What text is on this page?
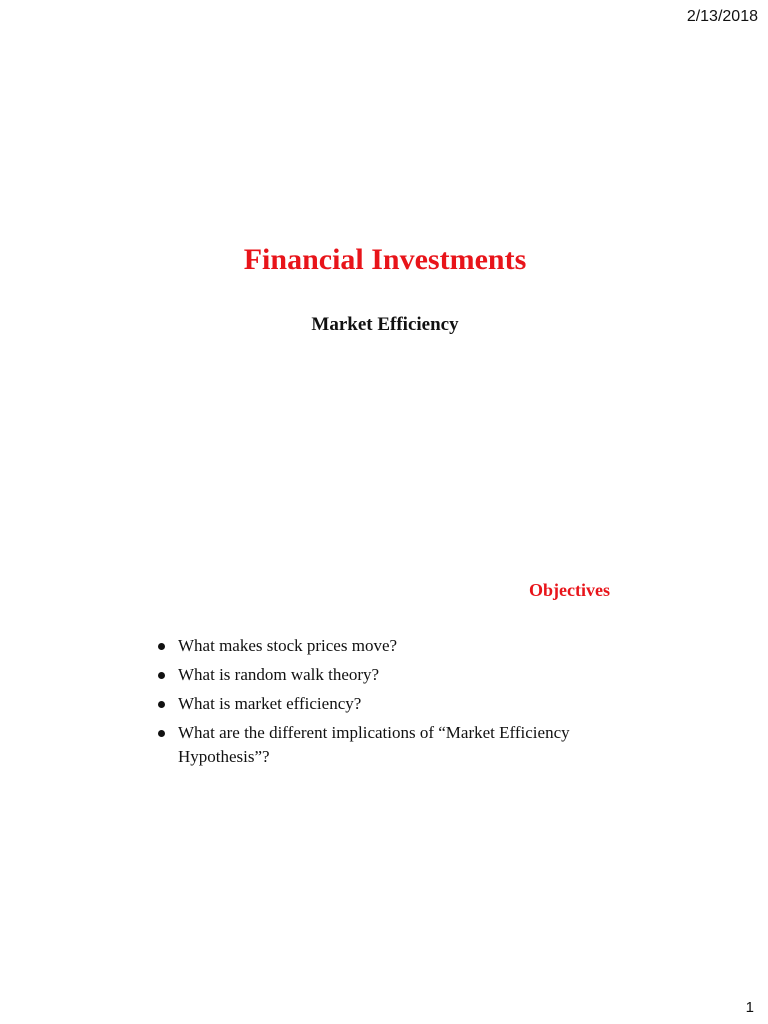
2/13/2018
Financial Investments
Market Efficiency
Objectives
What makes stock prices move?
What is random walk theory?
What is market efficiency?
What are the different implications of “Market Efficiency Hypothesis”?
1
